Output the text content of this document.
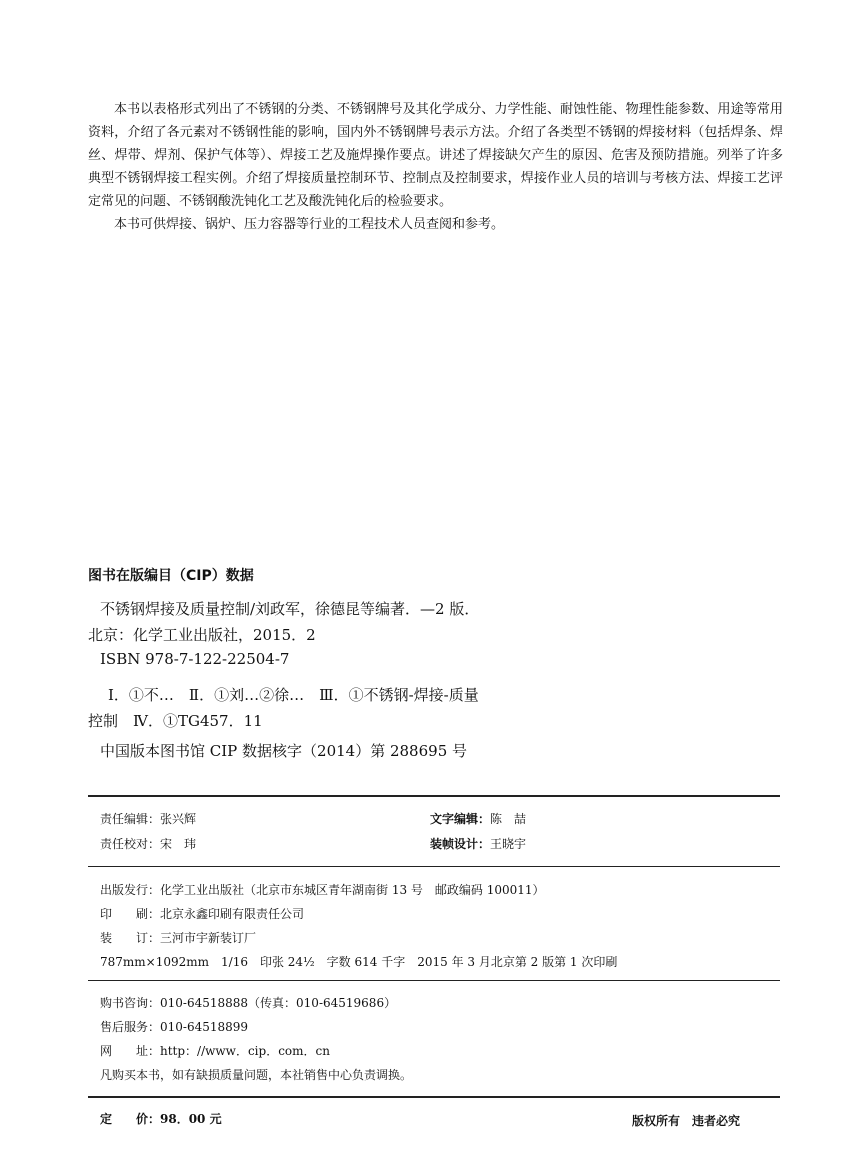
本书以表格形式列出了不锈钢的分类、不锈钢牌号及其化学成分、力学性能、耐蚀性能、物理性能参数、用途等常用资料，介绍了各元素对不锈钢性能的影响，国内外不锈钢牌号表示方法。介绍了各类型不锈钢的焊接材料（包括焊条、焊丝、焊带、焊剂、保护气体等）、焊接工艺及施焊操作要点。讲述了焊接缺欠产生的原因、危害及预防措施。列举了许多典型不锈钢焊接工程实例。介绍了焊接质量控制环节、控制点及控制要求，焊接作业人员的培训与考核方法、焊接工艺评定常见的问题、不锈钢酸洗钝化工艺及酸洗钝化后的检验要求。

本书可供焊接、锅炉、压力容器等行业的工程技术人员查阅和参考。

图书在版编目（CIP）数据
不锈钢焊接及质量控制/刘政军，徐德昆等编著．—2 版．
北京：化学工业出版社，2015．2
ISBN 978-7-122-22504-7
Ⅰ．①不…　Ⅱ．①刘…②徐…　Ⅲ．①不锈钢-焊接-质量
控制　Ⅳ．①TG457．11
中国版本图书馆 CIP 数据核字（2014）第 288695 号
责任编辑：张兴辉	文字编辑：陈　喆
责任校对：宋　玮	装帧设计：王晓宇
出版发行：化学工业出版社（北京市东城区青年湖南街 13 号　邮政编码 100011）
印　　刷：北京永鑫印刷有限责任公司
装　　订：三河市宇新装订厂
787mm×1092mm　1/16　印张 24½　字数 614 千字　2015 年 3 月北京第 2 版第 1 次印刷
购书咨询：010-64518888（传真：010-64519686）
售后服务：010-64518899
网　　址：http：//www．cip．com．cn
凡购买本书，如有缺损质量问题，本社销售中心负责调换。
定　　价：98．00 元	版权所有　违者必究
